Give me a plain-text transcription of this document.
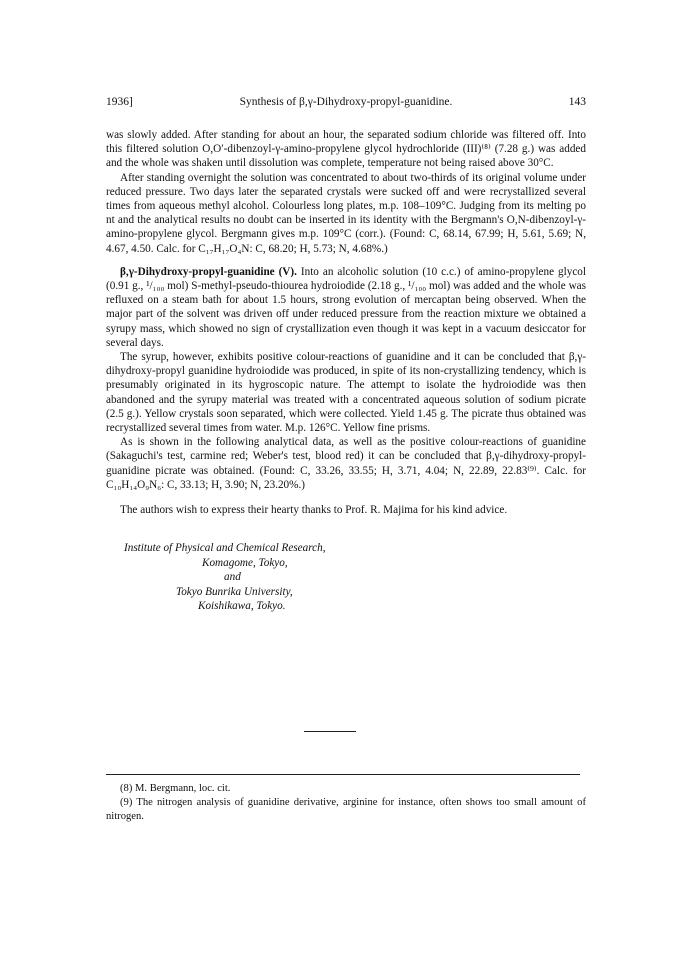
1936]	Synthesis of β,γ-Dihydroxy-propyl-guanidine.	143

was slowly added. After standing for about an hour, the separated sodium chloride was filtered off. Into this filtered solution O,O′-dibenzoyl-γ-amino-propylene glycol hydrochloride (III)⁽⁸⁾ (7.28 g.) was added and the whole was shaken until dissolution was complete, temperature not being raised above 30°C.

After standing overnight the solution was concentrated to about two-thirds of its original volume under reduced pressure. Two days later the separated crystals were sucked off and were recrystallized several times from aqueous methyl alcohol. Colourless long plates, m.p. 108–109°C. Judging from its melting po nt and the analytical results no doubt can be inserted in its identity with the Bergmann's O,N-dibenzoyl-γ-amino-propylene glycol. Bergmann gives m.p. 109°C (corr.). (Found: C, 68.14, 67.99; H, 5.61, 5.69; N, 4.67, 4.50. Calc. for C₁₇H₁₇O₄N: C, 68.20; H, 5.73; N, 4.68%.)

β,γ-Dihydroxy-propyl-guanidine (V). Into an alcoholic solution (10 c.c.) of amino-propylene glycol (0.91 g., ¹/₁₀₀ mol) S-methyl-pseudo-thiourea hydroiodide (2.18 g., ¹/₁₀₀ mol) was added and the whole was refluxed on a steam bath for about 1.5 hours, strong evolution of mercaptan being observed. When the major part of the solvent was driven off under reduced pressure from the reaction mixture we obtained a syrupy mass, which showed no sign of crystallization even though it was kept in a vacuum desiccator for several days.

The syrup, however, exhibits positive colour-reactions of guanidine and it can be concluded that β,γ-dihydroxy-propyl guanidine hydroiodide was produced, in spite of its non-crystallizing tendency, which is presumably originated in its hygroscopic nature. The attempt to isolate the hydroiodide was then abandoned and the syrupy material was treated with a concentrated aqueous solution of sodium picrate (2.5 g.). Yellow crystals soon separated, which were collected. Yield 1.45 g. The picrate thus obtained was recrystallized several times from water. M.p. 126°C. Yellow fine prisms.

As is shown in the following analytical data, as well as the positive colour-reactions of guanidine (Sakaguchi's test, carmine red; Weber's test, blood red) it can be concluded that β,γ-dihydroxy-propyl-guanidine picrate was obtained. (Found: C, 33.26, 33.55; H, 3.71, 4.04; N, 22.89, 22.83⁽⁹⁾. Calc. for C₁₀H₁₄O₉N₆: C, 33.13; H, 3.90; N, 23.20%.)

The authors wish to express their hearty thanks to Prof. R. Majima for his kind advice.

Institute of Physical and Chemical Research,
Komagome, Tokyo,
and
Tokyo Bunrika University,
Koishikawa, Tokyo.

(8) M. Bergmann, loc. cit.

(9) The nitrogen analysis of guanidine derivative, arginine for instance, often shows too small amount of nitrogen.
